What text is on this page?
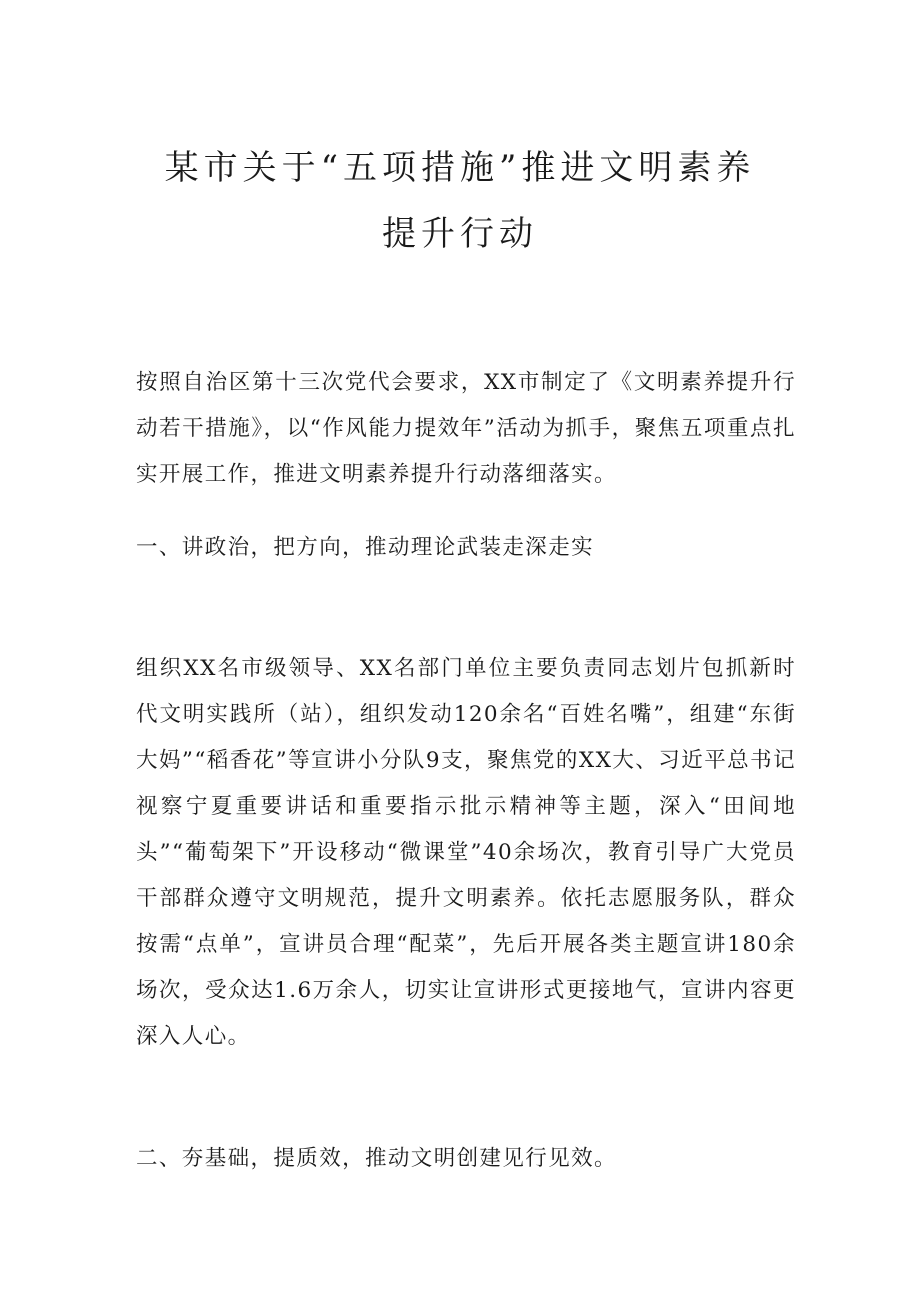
某市关于“五项措施”推进文明素养
提升行动
按照自治区第十三次党代会要求，XX市制定了《文明素养提升行动若干措施》，以“作风能力提效年”活动为抓手，聚焦五项重点扎实开展工作，推进文明素养提升行动落细落实。
一、讲政治，把方向，推动理论武装走深走实
组织XX名市级领导、XX名部门单位主要负责同志划片包抓新时代文明实践所（站），组织发动120余名“百姓名嘴”，组建“东街大妈”“稻香花”等宣讲小分队9支，聚焦党的XX大、习近平总书记视察宁夏重要讲话和重要指示批示精神等主题，深入“田间地头”“葡萄架下”开设移动“微课堂”40余场次，教育引导广大党员干部群众遵守文明规范，提升文明素养。依托志愿服务队，群众按需“点单”，宣讲员合理“配菜”，先后开展各类主题宣讲180余场次，受众达1.6万余人，切实让宣讲形式更接地气，宣讲内容更深入人心。
二、夯基础，提质效，推动文明创建见行见效。
